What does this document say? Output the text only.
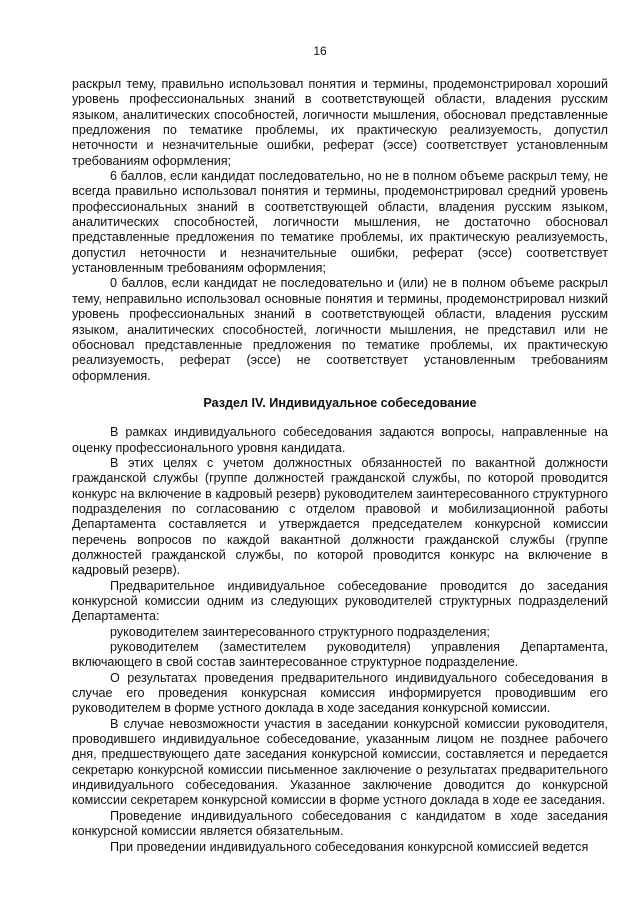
16

раскрыл тему, правильно использовал понятия и термины, продемонстрировал хороший уровень профессиональных знаний в соответствующей области, владения русским языком, аналитических способностей, логичности мышления, обосновал представленные предложения по тематике проблемы, их практическую реализуемость, допустил неточности и незначительные ошибки, реферат (эссе) соответствует установленным требованиям оформления;

6 баллов, если кандидат последовательно, но не в полном объеме раскрыл тему, не всегда правильно использовал понятия и термины, продемонстрировал средний уровень профессиональных знаний в соответствующей области, владения русским языком, аналитических способностей, логичности мышления, не достаточно обосновал представленные предложения по тематике проблемы, их практическую реализуемость, допустил неточности и незначительные ошибки, реферат (эссе) соответствует установленным требованиям оформления;

0 баллов, если кандидат не последовательно и (или) не в полном объеме раскрыл тему, неправильно использовал основные понятия и термины, продемонстрировал низкий уровень профессиональных знаний в соответствующей области, владения русским языком, аналитических способностей, логичности мышления, не представил или не обосновал представленные предложения по тематике проблемы, их практическую реализуемость, реферат (эссе) не соответствует установленным требованиям оформления.

Раздел IV. Индивидуальное собеседование

В рамках индивидуального собеседования задаются вопросы, направленные на оценку профессионального уровня кандидата.

В этих целях с учетом должностных обязанностей по вакантной должности гражданской службы (группе должностей гражданской службы, по которой проводится конкурс на включение в кадровый резерв) руководителем заинтересованного структурного подразделения по согласованию с отделом правовой и мобилизационной работы Департамента составляется и утверждается председателем конкурсной комиссии перечень вопросов по каждой вакантной должности гражданской службы (группе должностей гражданской службы, по которой проводится конкурс на включение в кадровый резерв).

Предварительное индивидуальное собеседование проводится до заседания конкурсной комиссии одним из следующих руководителей структурных подразделений Департамента:

руководителем заинтересованного структурного подразделения;

руководителем (заместителем руководителя) управления Департамента, включающего в свой состав заинтересованное структурное подразделение.

О результатах проведения предварительного индивидуального собеседования в случае его проведения конкурсная комиссия информируется проводившим его руководителем в форме устного доклада в ходе заседания конкурсной комиссии.

В случае невозможности участия в заседании конкурсной комиссии руководителя, проводившего индивидуальное собеседование, указанным лицом не позднее рабочего дня, предшествующего дате заседания конкурсной комиссии, составляется и передается секретарю конкурсной комиссии письменное заключение о результатах предварительного индивидуального собеседования. Указанное заключение доводится до конкурсной комиссии секретарем конкурсной комиссии в форме устного доклада в ходе ее заседания.

Проведение индивидуального собеседования с кандидатом в ходе заседания конкурсной комиссии является обязательным.

При проведении индивидуального собеседования конкурсной комиссией ведется
